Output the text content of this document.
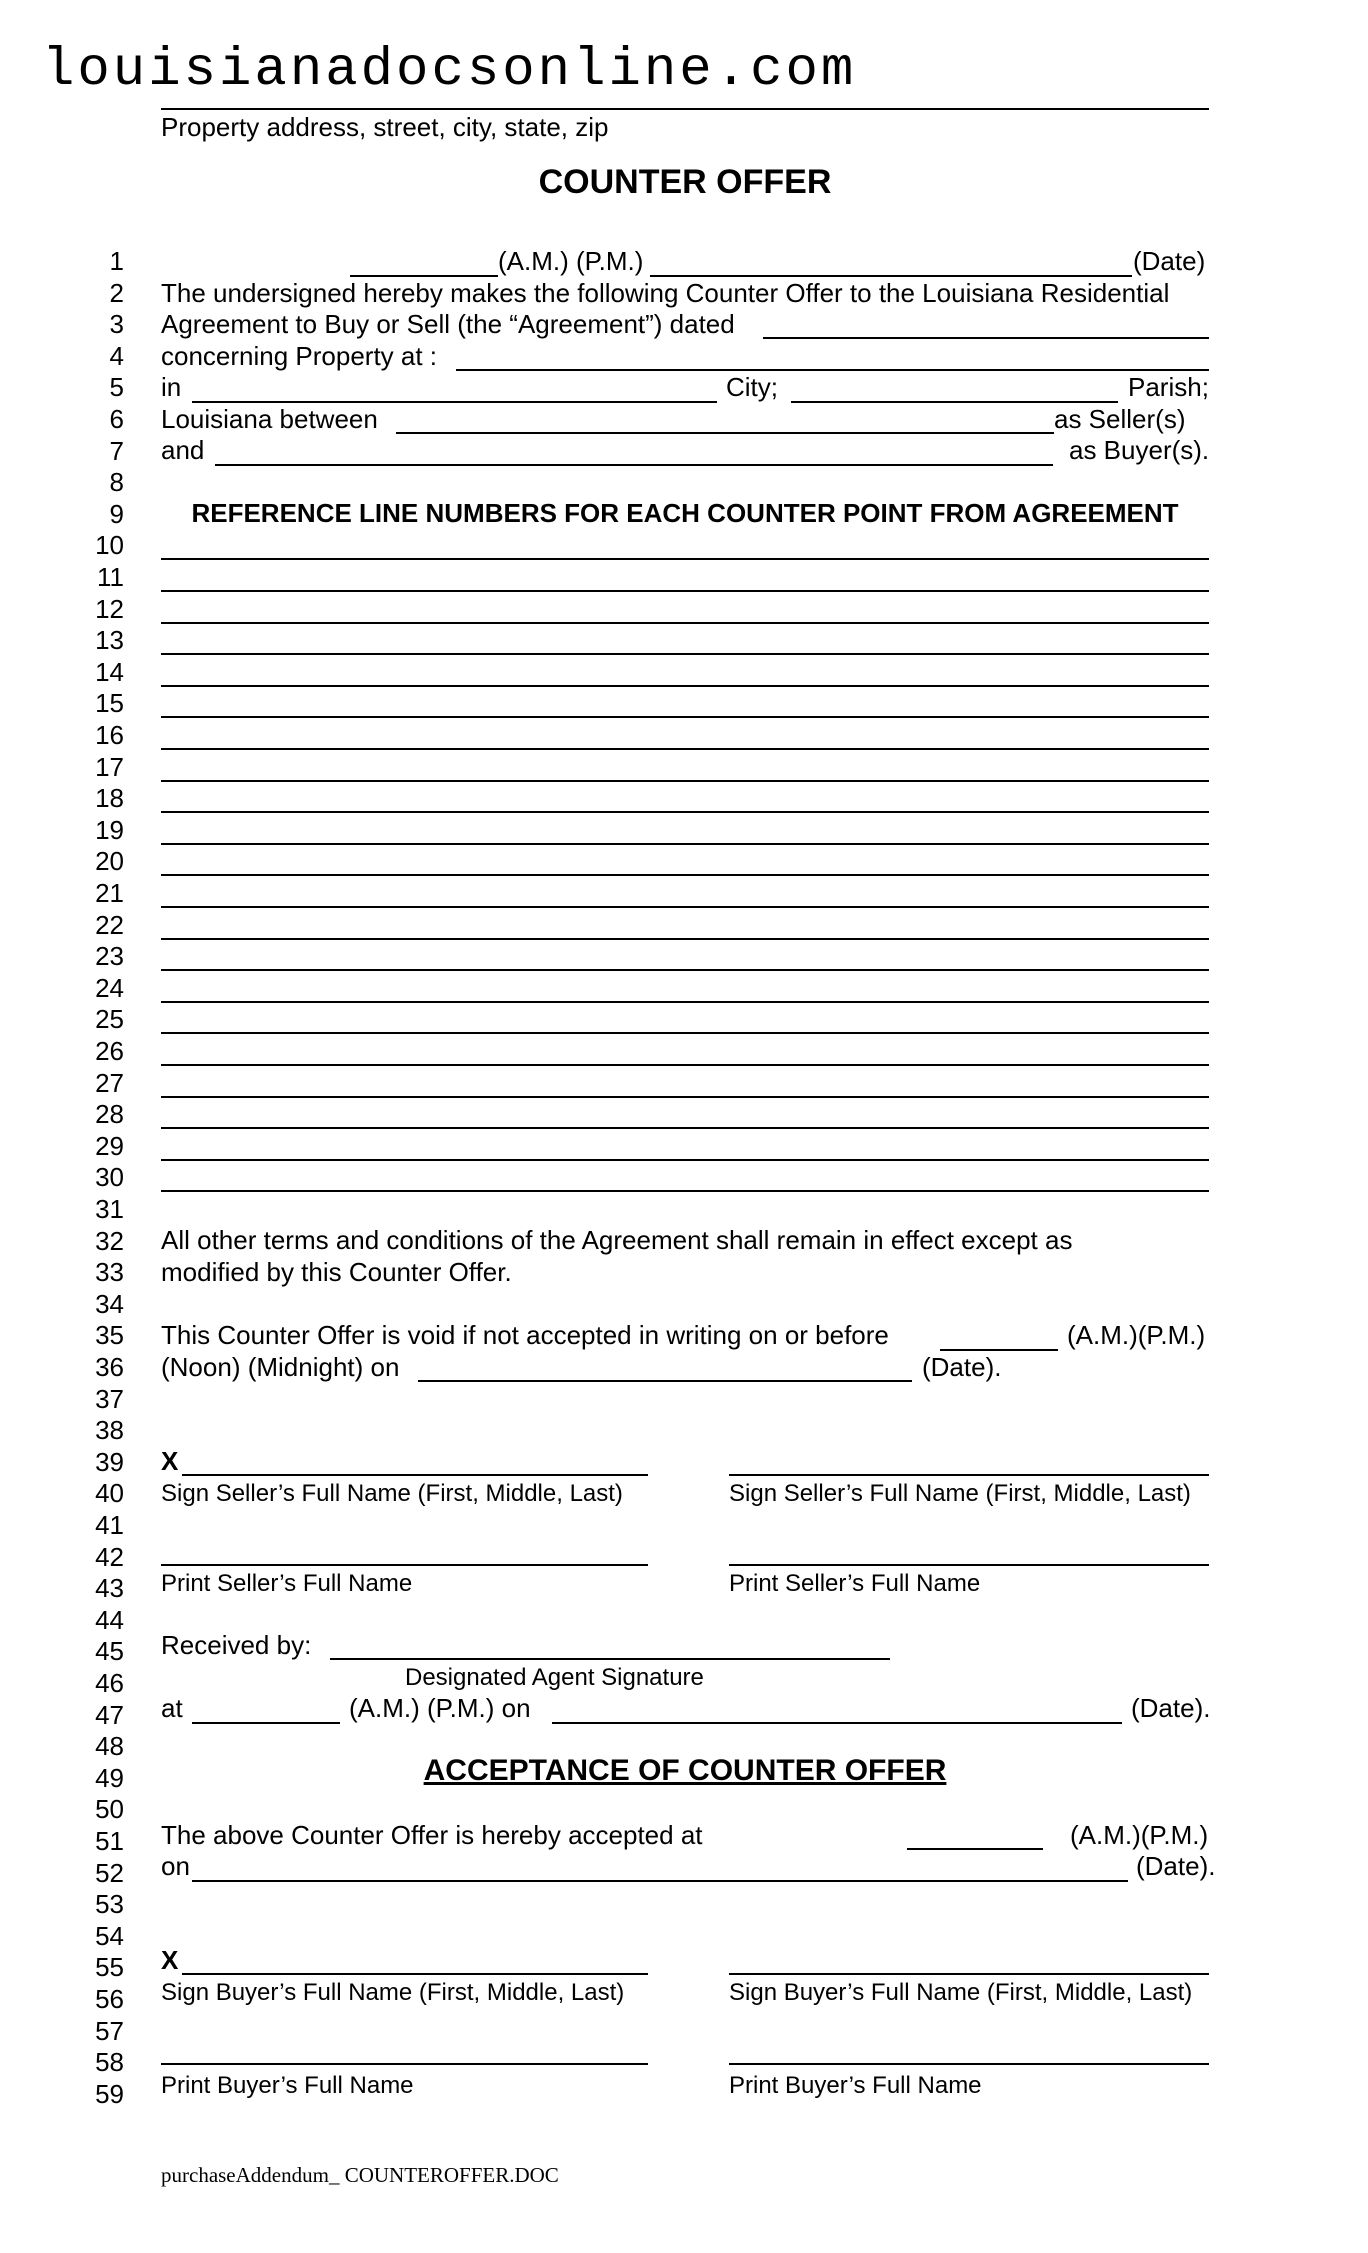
louisianadocsonline.com
Property address, street, city, state, zip
COUNTER OFFER
1
2
3
4
5
6
7
8
9
10
11
12
13
14
15
16
17
18
19
20
21
22
23
24
25
26
27
28
29
30
31
32
33
34
35
36
37
38
39
40
41
42
43
44
45
46
47
48
49
50
51
52
53
54
55
56
57
58
59
(A.M.) (P.M.)	(Date)
The undersigned hereby makes the following Counter Offer to the Louisiana Residential
Agreement to Buy or Sell (the “Agreement”) dated
concerning Property at :
in	City;	Parish;
Louisiana between	as Seller(s)
and	as Buyer(s).
REFERENCE LINE NUMBERS FOR EACH COUNTER POINT FROM AGREEMENT
All other terms and conditions of the Agreement shall remain in effect except as
modified by this Counter Offer.
This Counter Offer is void if not accepted in writing on or before	(A.M.)(P.M.)
(Noon) (Midnight) on	(Date).
X
Sign Seller’s Full Name (First, Middle, Last)	Sign Seller’s Full Name (First, Middle, Last)
Print Seller’s Full Name	Print Seller’s Full Name
Received by:
Designated Agent Signature
at	(A.M.) (P.M.) on	(Date).
ACCEPTANCE OF COUNTER OFFER
The above Counter Offer is hereby accepted at	(A.M.)(P.M.)
on	(Date).
X
Sign Buyer’s Full Name (First, Middle, Last)	Sign Buyer’s Full Name (First, Middle, Last)
Print Buyer’s Full Name	Print Buyer’s Full Name
purchaseAddendum_ COUNTEROFFER.DOC
